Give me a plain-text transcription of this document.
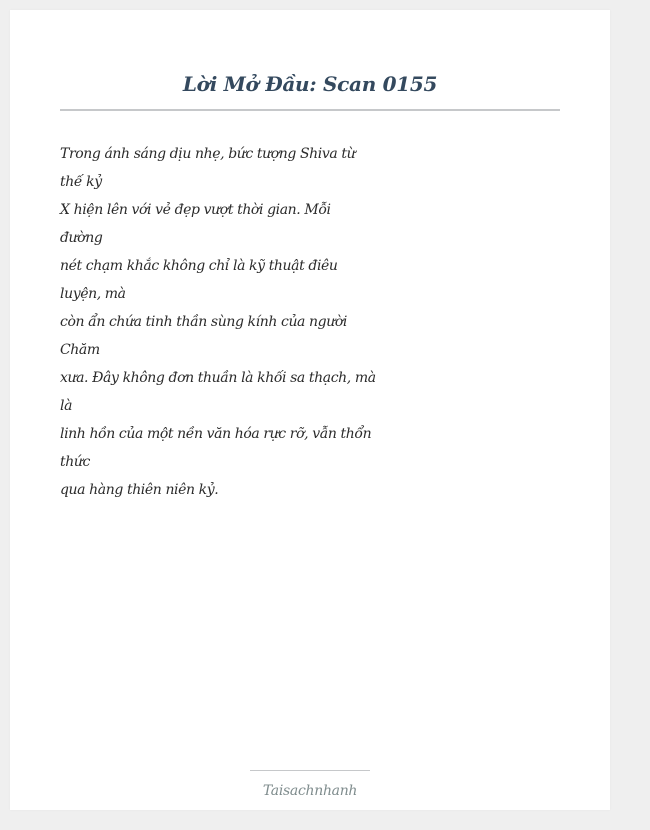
Lời Mở Đầu: Scan 0155
Trong ánh sáng dịu nhẹ, bức tượng Shiva từ
thế kỷ
X hiện lên với vẻ đẹp vượt thời gian. Mỗi
đường
nét chạm khắc không chỉ là kỹ thuật điêu
luyện, mà
còn ẩn chứa tinh thần sùng kính của người
Chăm
xưa. Đây không đơn thuần là khối sa thạch, mà
là
linh hồn của một nền văn hóa rực rỡ, vẫn thổn
thức
qua hàng thiên niên kỷ.
Taisachnhanh
